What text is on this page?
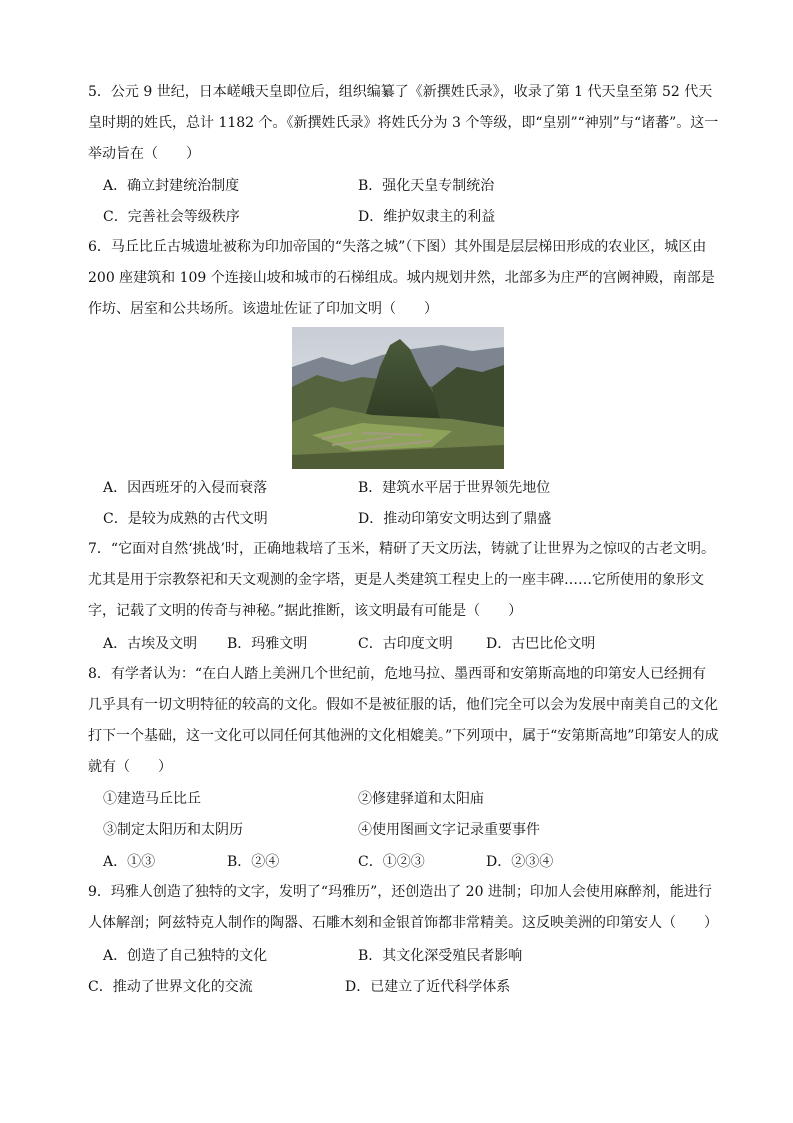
5．公元 9 世纪，日本嵯峨天皇即位后，组织编纂了《新撰姓氏录》，收录了第 1 代天皇至第 52 代天皇时期的姓氏，总计 1182 个。《新撰姓氏录》将姓氏分为 3 个等级，即“皇别”“神别”与“诸蕃”。这一举动旨在（　　）

A．确立封建统治制度	B．强化天皇专制统治
C．完善社会等级秩序	D．维护奴隶主的利益

6．马丘比丘古城遗址被称为印加帝国的“失落之城”（下图）其外围是层层梯田形成的农业区，城区由 200 座建筑和 109 个连接山坡和城市的石梯组成。城内规划井然，北部多为庄严的宫阙神殿，南部是作坊、居室和公共场所。该遗址佐证了印加文明（　　）

A．因西班牙的入侵而衰落	B．建筑水平居于世界领先地位
C．是较为成熟的古代文明	D．推动印第安文明达到了鼎盛

7．“它面对自然‘挑战’时，正确地栽培了玉米，精研了天文历法，铸就了让世界为之惊叹的古老文明。尤其是用于宗教祭祀和天文观测的金字塔，更是人类建筑工程史上的一座丰碑……它所使用的象形文字，记载了文明的传奇与神秘。”据此推断，该文明最有可能是（　　）

A．古埃及文明 B．玛雅文明	C．古印度文明 D．古巴比伦文明

8．有学者认为：“在白人踏上美洲几个世纪前，危地马拉、墨西哥和安第斯高地的印第安人已经拥有几乎具有一切文明特征的较高的文化。假如不是被征服的话，他们完全可以会为发展中南美自己的文化打下一个基础，这一文化可以同任何其他洲的文化相媲美。”下列项中，属于“安第斯高地”印第安人的成就有（　　）

①建造马丘比丘	②修建驿道和太阳庙
③制定太阳历和太阴历	④使用图画文字记录重要事件
A．①③	B．②④	C．①②③	D．②③④

9．玛雅人创造了独特的文字，发明了“玛雅历”，还创造出了 20 进制；印加人会使用麻醉剂，能进行人体解剖；阿兹特克人制作的陶器、石雕木刻和金银首饰都非常精美。这反映美洲的印第安人（　　）

A．创造了自己独特的文化	B．其文化深受殖民者影响
C．推动了世界文化的交流	D．已建立了近代科学体系
